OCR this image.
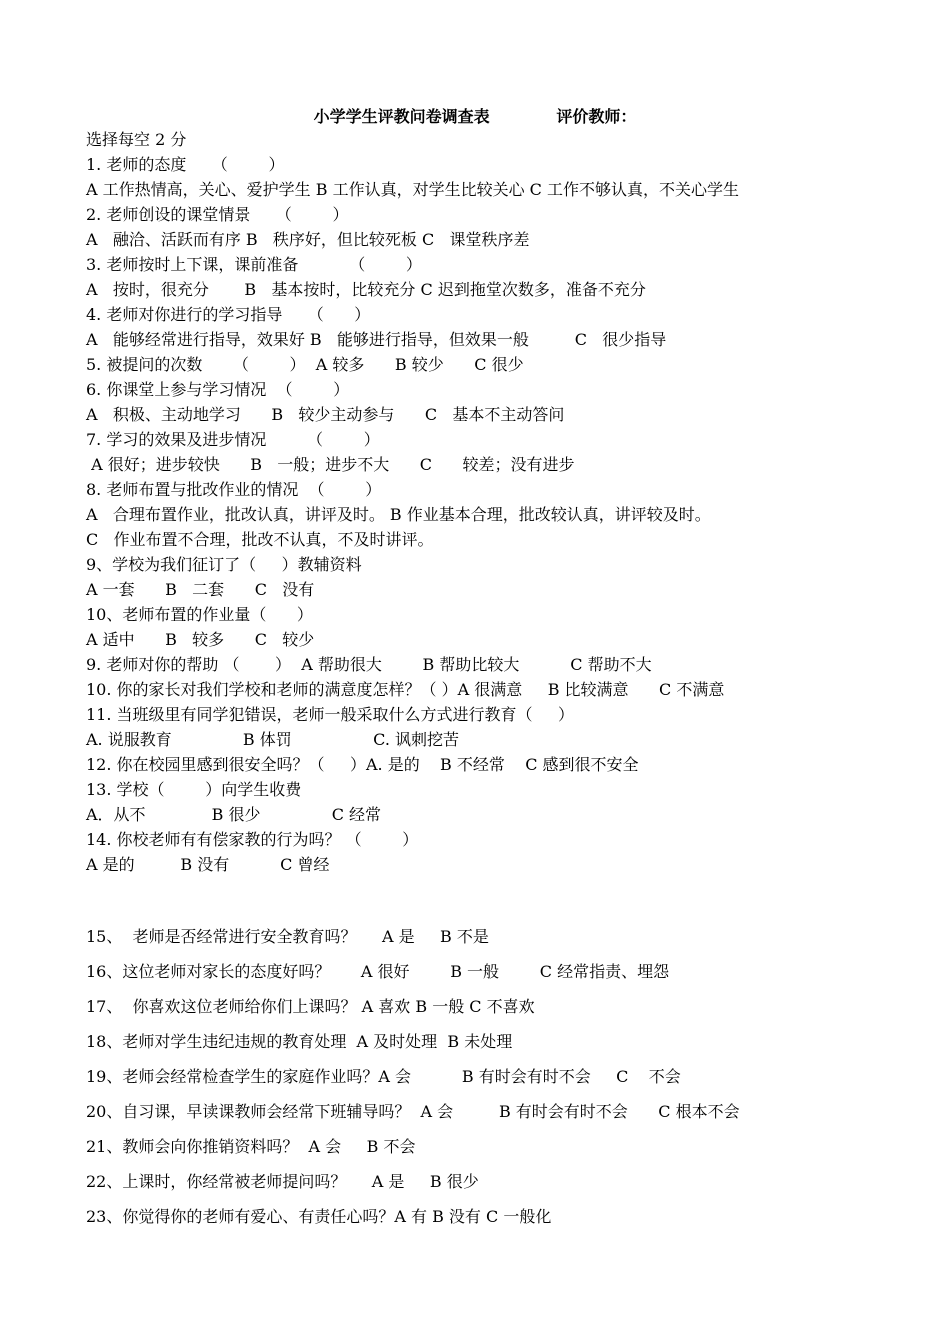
小学学生评教问卷调查表            评价教师：
选择每空 2 分
1. 老师的态度     （        ）
A 工作热情高，关心、爱护学生 B 工作认真，对学生比较关心 C 工作不够认真，不关心学生
2. 老师创设的课堂情景     （        ）
A   融洽、活跃而有序 B   秩序好，但比较死板 C   课堂秩序差
3. 老师按时上下课，课前准备          （        ）
A   按时，很充分       B   基本按时，比较充分 C 迟到拖堂次数多，准备不充分
4. 老师对你进行的学习指导     （      ）
A   能够经常进行指导，效果好 B   能够进行指导，但效果一般         C   很少指导
5. 被提问的次数      （        ）  A 较多      B 较少      C 很少
6. 你课堂上参与学习情况  （        ）
A   积极、主动地学习      B   较少主动参与      C   基本不主动答问
7. 学习的效果及进步情况        （        ）
A 很好；进步较快      B   一般；进步不大      C      较差；没有进步
8. 老师布置与批改作业的情况  （        ）
A   合理布置作业，批改认真，讲评及时。 B 作业基本合理，批改较认真，讲评较及时。
C   作业布置不合理，批改不认真，不及时讲评。
9、学校为我们征订了（     ）教辅资料
A 一套      B   二套      C   没有
10、老师布置的作业量（      ）
A 适中      B   较多      C   较少
9. 老师对你的帮助 （       ）  A 帮助很大        B 帮助比较大          C 帮助不大
10. 你的家长对我们学校和老师的满意度怎样？（ ）A 很满意     B 比较满意      C 不满意
11. 当班级里有同学犯错误，老师一般采取什么方式进行教育（     ）
A. 说服教育              B 体罚                C. 讽刺挖苦
12. 你在校园里感到很安全吗？（     ）A. 是的    B 不经常    C 感到很不安全
13. 学校（        ）向学生收费
A．从不             B 很少              C 经常
14. 你校老师有有偿家教的行为吗？ （        ）
A 是的         B 没有          C 曾经
15、  老师是否经常进行安全教育吗？     A 是     B 不是
16、这位老师对家长的态度好吗？      A 很好        B 一般        C 经常指责、埋怨
17、  你喜欢这位老师给你们上课吗？ A 喜欢 B 一般 C 不喜欢
18、老师对学生违纪违规的教育处理  A 及时处理  B 未处理
19、老师会经常检查学生的家庭作业吗？A 会          B 有时会有时不会     C    不会
20、自习课，早读课教师会经常下班辅导吗？  A 会         B 有时会有时不会      C 根本不会
21、教师会向你推销资料吗？  A 会     B 不会
22、上课时，你经常被老师提问吗？     A 是     B 很少
23、你觉得你的老师有爱心、有责任心吗？A 有 B 没有 C 一般化
